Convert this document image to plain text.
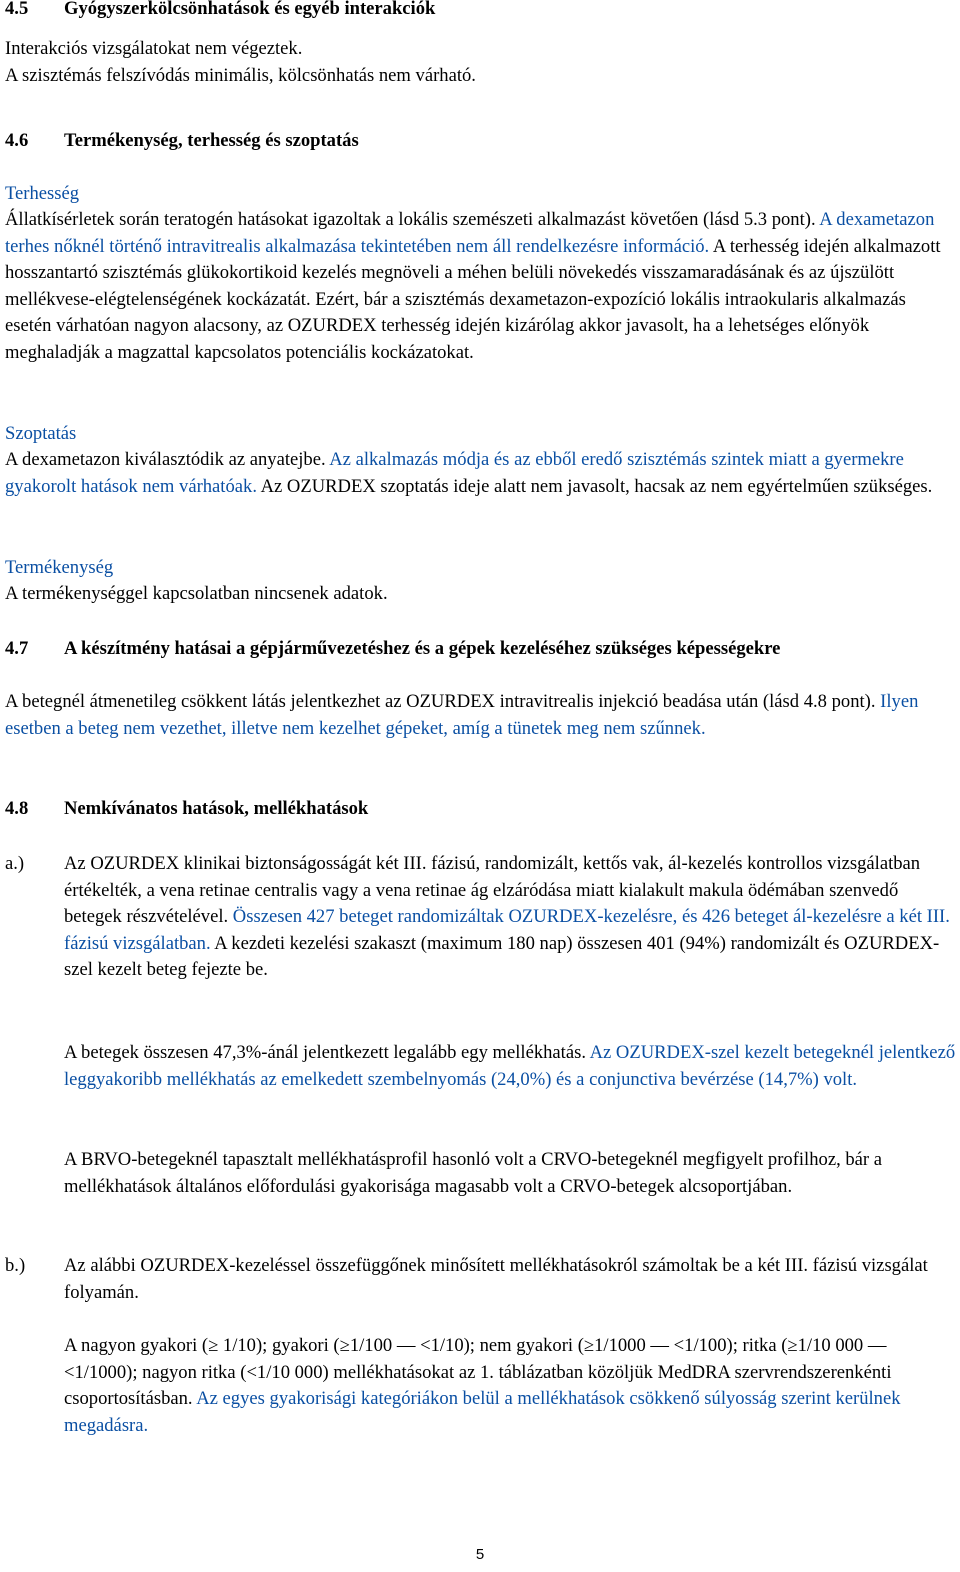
4.5 Gyógyszerkölcsönhatások és egyéb interakciók

Interakciós vizsgálatokat nem végeztek.
A szisztémás felszívódás minimális, kölcsönhatás nem várható.

4.6 Termékenység, terhesség és szoptatás

Terhesség

Állatkísérletek során teratogén hatásokat igazoltak a lokális szemészeti alkalmazást követően (lásd 5.3 pont). A dexametazon terhes nőknél történő intravitrealis alkalmazása tekintetében nem áll rendelkezésre információ. A terhesség idején alkalmazott hosszantartó szisztémás glükokortikoid kezelés megnöveli a méhen belüli növekedés visszamaradásának és az újszülött mellékvese-elégtelenségének kockázatát. Ezért, bár a szisztémás dexametazon-expozíció lokális intraokularis alkalmazás esetén várhatóan nagyon alacsony, az OZURDEX terhesség idején kizárólag akkor javasolt, ha a lehetséges előnyök meghaladják a magzattal kapcsolatos potenciális kockázatokat.

Szoptatás

A dexametazon kiválasztódik az anyatejbe. Az alkalmazás módja és az ebből eredő szisztémás szintek miatt a gyermekre gyakorolt hatások nem várhatóak. Az OZURDEX szoptatás ideje alatt nem javasolt, hacsak az nem egyértelműen szükséges.

Termékenység

A termékenységgel kapcsolatban nincsenek adatok.

4.7 A készítmény hatásai a gépjárművezetéshez és a gépek kezeléséhez szükséges képességekre

A betegnél átmenetileg csökkent látás jelentkezhet az OZURDEX intravitrealis injekció beadása után (lásd 4.8 pont). Ilyen esetben a beteg nem vezethet, illetve nem kezelhet gépeket, amíg a tünetek meg nem szűnnek.

4.8 Nemkívánatos hatások, mellékhatások
a.) Az OZURDEX klinikai biztonságosságát két III. fázisú, randomizált, kettős vak, ál-kezelés kontrollos vizsgálatban értékelték, a vena retinae centralis vagy a vena retinae ág elzáródása miatt kialakult makula ödémában szenvedő betegek részvételével. Összesen 427 beteget randomizáltak OZURDEX-kezelésre, és 426 beteget ál-kezelésre a két III. fázisú vizsgálatban. A kezdeti kezelési szakaszt (maximum 180 nap) összesen 401 (94%) randomizált és OZURDEX-szel kezelt beteg fejezte be.

A betegek összesen 47,3%-ánál jelentkezett legalább egy mellékhatás. Az OZURDEX-szel kezelt betegeknél jelentkező leggyakoribb mellékhatás az emelkedett szembelnyomás (24,0%) és a conjunctiva bevérzése (14,7%) volt.

A BRVO-betegeknél tapasztalt mellékhatásprofil hasonló volt a CRVO-betegeknél megfigyelt profilhoz, bár a mellékhatások általános előfordulási gyakorisága magasabb volt a CRVO-betegek alcsoportjában.

b.) Az alábbi OZURDEX-kezeléssel összefüggőnek minősített mellékhatásokról számoltak be a két III. fázisú vizsgálat folyamán.

A nagyon gyakori (≥ 1/10); gyakori (≥1/100 — <1/10); nem gyakori (≥1/1000 — <1/100); ritka (≥1/10 000 — <1/1000); nagyon ritka (<1/10 000) mellékhatásokat az 1. táblázatban közöljük MedDRA szervrendszerenkénti csoportosításban. Az egyes gyakorisági kategóriákon belül a mellékhatások csökkenő súlyosság szerint kerülnek megadásra.

5
